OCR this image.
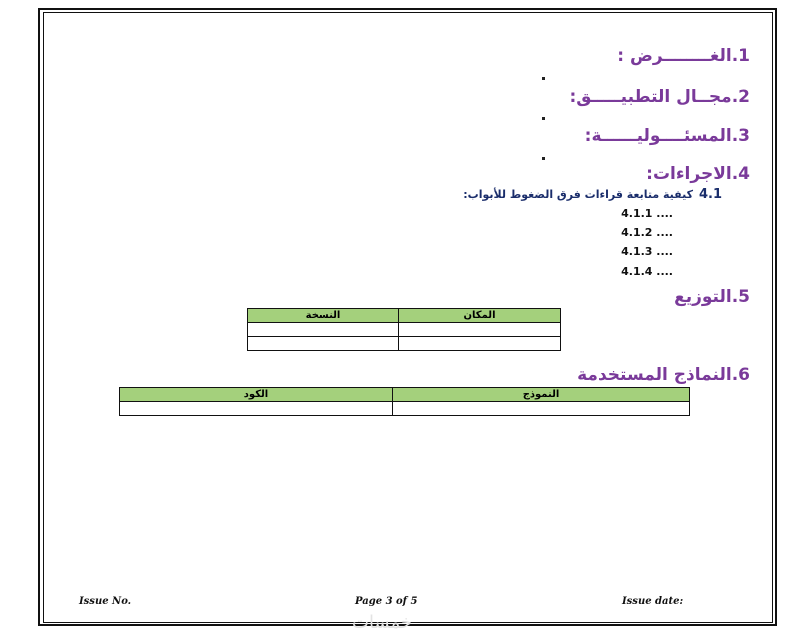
1.الغــــــــرض :
2.مجــال التطبيـــــق:
3.المسئــــوليــــــة:
4.الاجراءات:
4.1كيفية متابعة قراءات فرق الضغوط للأبواب:
4.1.1 ....
4.1.2 ....
4.1.3 ....
4.1.4 ....
5.التوزيع
النسخة	المكان

6.النماذج المستخدمة
الكود	النموذج

Issue No.	Page 3 of 5	Issue date:
خمسات
